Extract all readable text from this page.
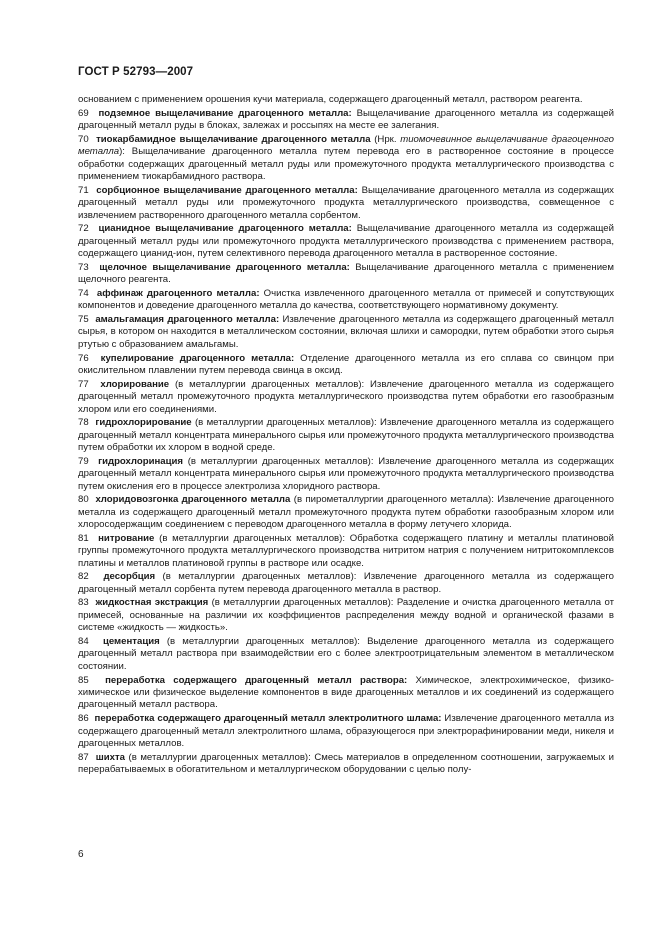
ГОСТ Р 52793—2007

основанием с применением орошения кучи материала, содержащего драгоценный металл, раствором реагента.

69 подземное выщелачивание драгоценного металла: Выщелачивание драгоценного металла из содержащей драгоценный металл руды в блоках, залежах и россыпях на месте ее залегания.

70 тиокарбамидное выщелачивание драгоценного металла (Нрк. тиомочевинное выщелачивание драгоценного металла): Выщелачивание драгоценного металла путем перевода его в растворенное состояние в процессе обработки содержащих драгоценный металл руды или промежуточного продукта металлургического производства с применением тиокарбамидного раствора.

71 сорбционное выщелачивание драгоценного металла: Выщелачивание драгоценного металла из содержащих драгоценный металл руды или промежуточного продукта металлургического производства, совмещенное с извлечением растворенного драгоценного металла сорбентом.

72 цианидное выщелачивание драгоценного металла: Выщелачивание драгоценного металла из содержащей драгоценный металл руды или промежуточного продукта металлургического производства с применением раствора, содержащего цианид-ион, путем селективного перевода драгоценного металла в растворенное состояние.

73 щелочное выщелачивание драгоценного металла: Выщелачивание драгоценного металла с применением щелочного реагента.

74 аффинаж драгоценного металла: Очистка извлеченного драгоценного металла от примесей и сопутствующих компонентов и доведение драгоценного металла до качества, соответствующего нормативному документу.

75 амальгамация драгоценного металла: Извлечение драгоценного металла из содержащего драгоценный металл сырья, в котором он находится в металлическом состоянии, включая шлихи и самородки, путем обработки этого сырья ртутью с образованием амальгамы.

76 купелирование драгоценного металла: Отделение драгоценного металла из его сплава со свинцом при окислительном плавлении путем перевода свинца в оксид.

77 хлорирование (в металлургии драгоценных металлов): Извлечение драгоценного металла из содержащего драгоценный металл промежуточного продукта металлургического производства путем обработки его газообразным хлором или его соединениями.

78 гидрохлорирование (в металлургии драгоценных металлов): Извлечение драгоценного металла из содержащего драгоценный металл концентрата минерального сырья или промежуточного продукта металлургического производства путем обработки их хлором в водной среде.

79 гидрохлоринация (в металлургии драгоценных металлов): Извлечение драгоценного металла из содержащих драгоценный металл концентрата минерального сырья или промежуточного продукта металлургического производства путем окисления его в процессе электролиза хлоридного раствора.

80 хлоридовозгонка драгоценного металла (в пирометаллургии драгоценного металла): Извлечение драгоценного металла из содержащего драгоценный металл промежуточного продукта путем обработки газообразным хлором или хлоросодержащим соединением с переводом драгоценного металла в форму летучего хлорида.

81 нитрование (в металлургии драгоценных металлов): Обработка содержащего платину и металлы платиновой группы промежуточного продукта металлургического производства нитритом натрия с получением нитритокомплексов платины и металлов платиновой группы в растворе или осадке.

82 десорбция (в металлургии драгоценных металлов): Извлечение драгоценного металла из содержащего драгоценный металл сорбента путем перевода драгоценного металла в раствор.

83 жидкостная экстракция (в металлургии драгоценных металлов): Разделение и очистка драгоценного металла от примесей, основанные на различии их коэффициентов распределения между водной и органической фазами в системе «жидкость — жидкость».

84 цементация (в металлургии драгоценных металлов): Выделение драгоценного металла из содержащего драгоценный металл раствора при взаимодействии его с более электроотрицательным элементом в металлическом состоянии.

85 переработка содержащего драгоценный металл раствора: Химическое, электрохимическое, физико-химическое или физическое выделение компонентов в виде драгоценных металлов и их соединений из содержащего драгоценный металл раствора.

86 переработка содержащего драгоценный металл электролитного шлама: Извлечение драгоценного металла из содержащего драгоценный металл электролитного шлама, образующегося при электрорафинировании меди, никеля и драгоценных металлов.

87 шихта (в металлургии драгоценных металлов): Смесь материалов в определенном соотношении, загружаемых и перерабатываемых в обогатительном и металлургическом оборудовании с целью полу-

6
